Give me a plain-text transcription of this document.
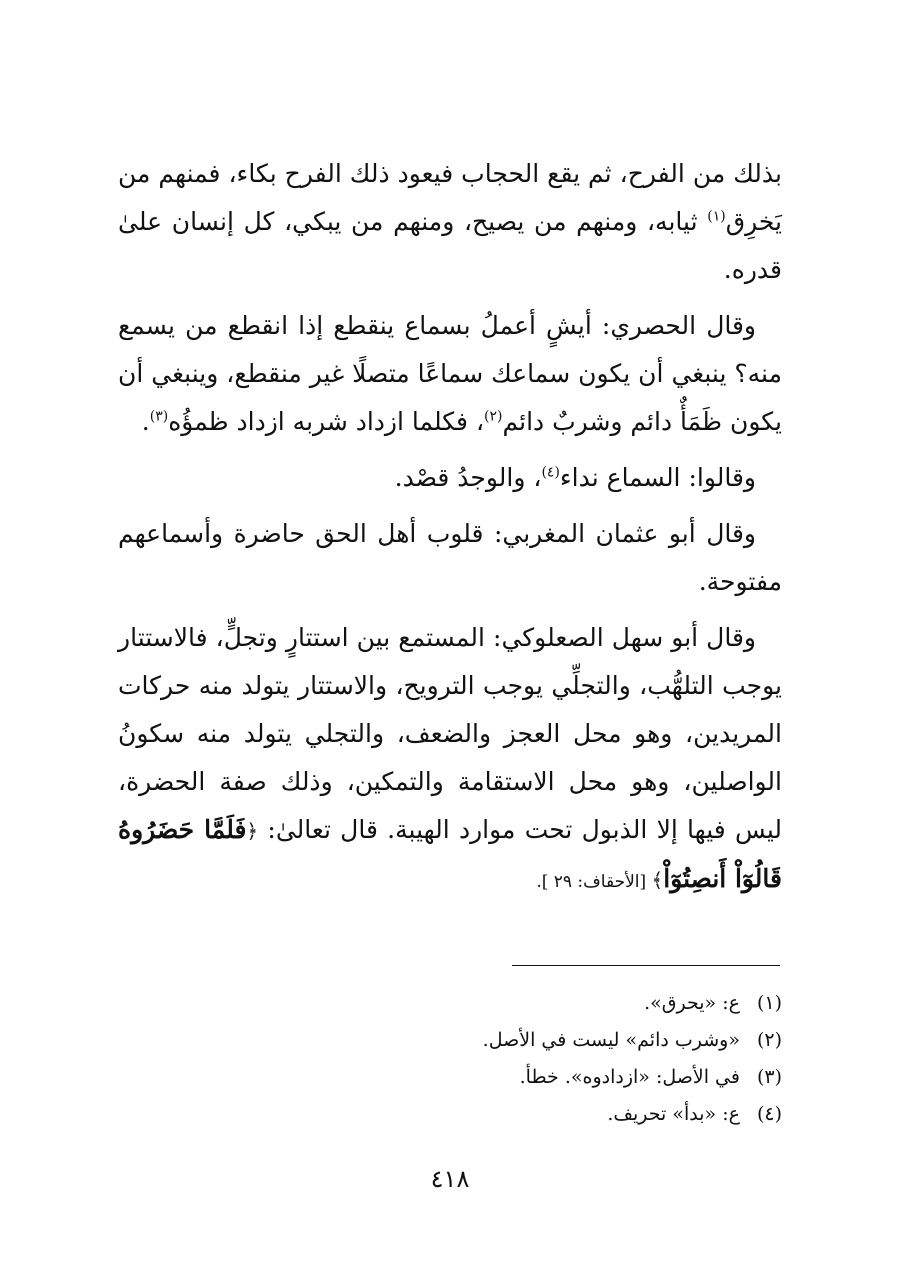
بذلك من الفرح، ثم يقع الحجاب فيعود ذلك الفرح بكاء، فمنهم من يَخرِق$^{(١)}$ ثيابه، ومنهم من يصيح، ومنهم من يبكي، كل إنسان علىٰ قدره.

وقال الحصري: أيشٍ أعملُ بسماع ينقطع إذا انقطع من يسمع منه؟ ينبغي أن يكون سماعك سماعًا متصلًا غير منقطع، وينبغي أن يكون ظَمَأٌ دائم وشربٌ دائم$^{(٢)}$، فكلما ازداد شربه ازداد ظمؤُه$^{(٣)}$.

وقالوا: السماع نداء$^{(٤)}$، والوجدُ قصْد.

وقال أبو عثمان المغربي: قلوب أهل الحق حاضرة وأسماعهم مفتوحة.

وقال أبو سهل الصعلوكي: المستمع بين استتارٍ وتجلٍّ، فالاستتار يوجب التلهُّب، والتجلِّي يوجب الترويح، والاستتار يتولد منه حركات المريدين، وهو محل العجز والضعف، والتجلي يتولد منه سكونُ الواصلين، وهو محل الاستقامة والتمكين، وذلك صفة الحضرة، ليس فيها إلا الذبول تحت موارد الهيبة. قال تعالىٰ: ﴿فَلَمَّا حَضَرُوهُ قَالُوٓاْ أَنصِتُوٓاْ﴾ [الأحقاف: ٢٩ ].

(١) ع: «يحرق».
(٢) «وشرب دائم» ليست في الأصل.
(٣) في الأصل: «ازدادوه». خطأ.
(٤) ع: «بدأ» تحريف.
٤١٨
